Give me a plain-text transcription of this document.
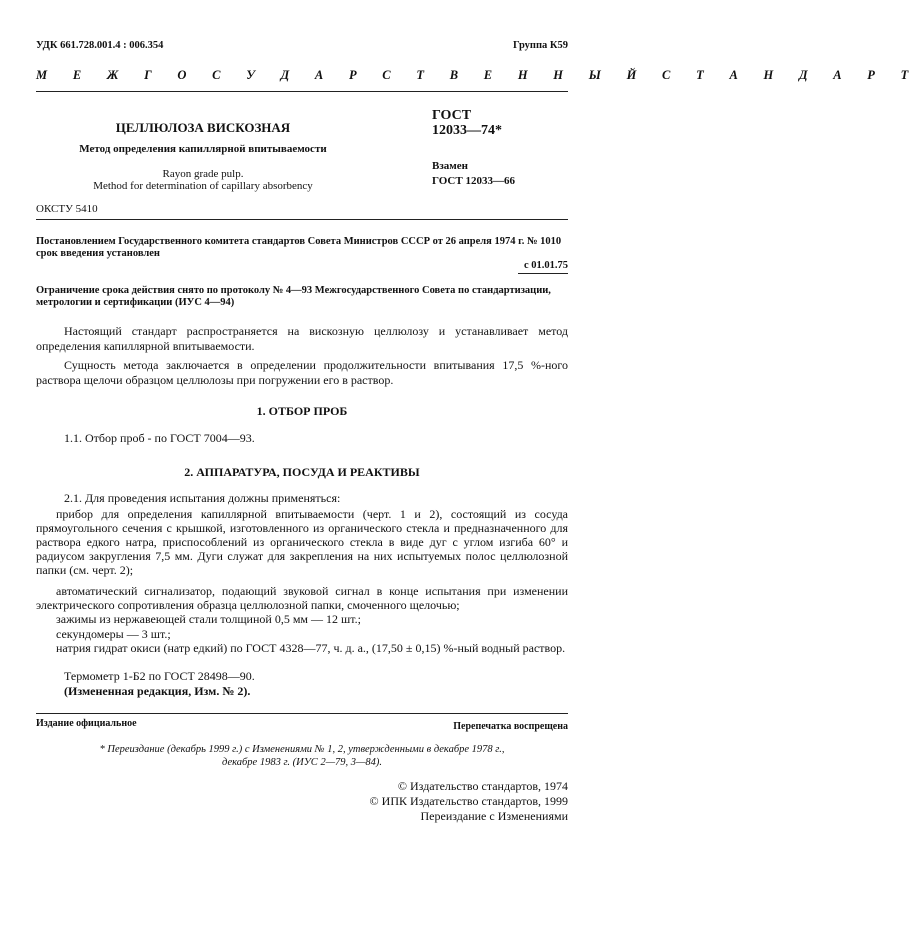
УДК 661.728.001.4 : 006.354	Группа К59
М Е Ж Г О С У Д А Р С Т В Е Н Н Ы Й С Т А Н Д А Р Т
ЦЕЛЛЮЛОЗА ВИСКОЗНАЯ
Метод определения капиллярной впитываемости
Rayon grade pulp.
Method for determination of capillary absorbency
ГОСТ
12033—74*
Взамен
ГОСТ 12033—66
ОКСТУ 5410
Постановлением Государственного комитета стандартов Совета Министров СССР от 26 апреля 1974 г. № 1010 срок введения установлен
с 01.01.75
Ограничение срока действия снято по протоколу № 4—93 Межгосударственного Совета по стандартизации, метрологии и сертификации (ИУС 4—94)
Настоящий стандарт распространяется на вискозную целлюлозу и устанавливает метод определения капиллярной впитываемости.
Сущность метода заключается в определении продолжительности впитывания 17,5 %-ного раствора щелочи образцом целлюлозы при погружении его в раствор.
1. ОТБОР ПРОБ
1.1. Отбор проб - по ГОСТ 7004—93.
2. АППАРАТУРА, ПОСУДА И РЕАКТИВЫ
2.1. Для проведения испытания должны применяться:
прибор для определения капиллярной впитываемости (черт. 1 и 2), состоящий из сосуда прямоугольного сечения с крышкой, изготовленного из органического стекла и предназначенного для раствора едкого натра, приспособлений из органического стекла в виде дуг с углом изгиба 60° и радиусом закругления 7,5 мм. Дуги служат для закрепления на них испытуемых полос целлюлозной папки (см. черт. 2);
автоматический сигнализатор, подающий звуковой сигнал в конце испытания при изменении электрического сопротивления образца целлюлозной папки, смоченного щелочью;
зажимы из нержавеющей стали толщиной 0,5 мм — 12 шт.;
секундомеры — 3 шт.;
натрия гидрат окиси (натр едкий) по ГОСТ 4328—77, ч. д. а., (17,50 ± 0,15) %-ный водный раствор.
Термометр 1-Б2 по ГОСТ 28498—90.
(Измененная редакция, Изм. № 2).
Издание официальное	Перепечатка воспрещена
* Переиздание (декабрь 1999 г.) с Изменениями № 1, 2, утвержденными в декабре 1978 г.,
декабре 1983 г. (ИУС 2—79, 3—84).
© Издательство стандартов, 1974
© ИПК Издательство стандартов, 1999
Переиздание с Изменениями
